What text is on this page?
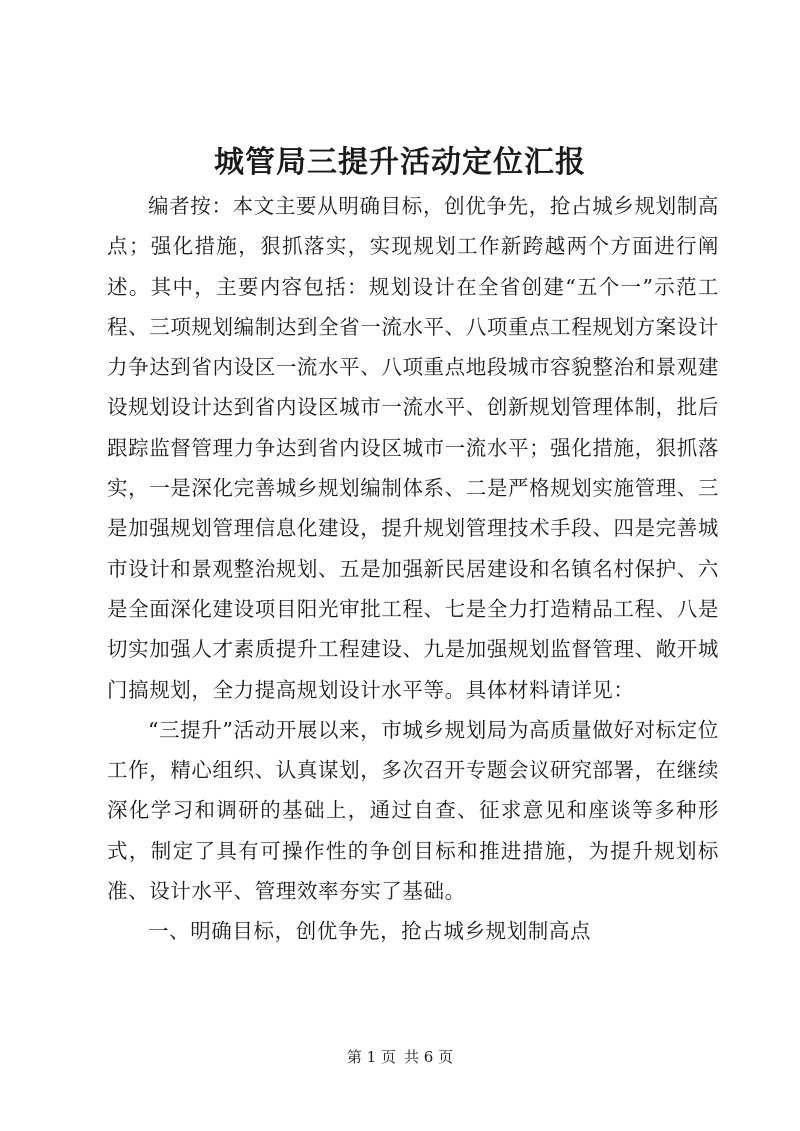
城管局三提升活动定位汇报

编者按：本文主要从明确目标，创优争先，抢占城乡规划制高点；强化措施，狠抓落实，实现规划工作新跨越两个方面进行阐述。其中，主要内容包括：规划设计在全省创建“五个一”示范工程、三项规划编制达到全省一流水平、八项重点工程规划方案设计力争达到省内设区一流水平、八项重点地段城市容貌整治和景观建设规划设计达到省内设区城市一流水平、创新规划管理体制，批后跟踪监督管理力争达到省内设区城市一流水平；强化措施，狠抓落实，一是深化完善城乡规划编制体系、二是严格规划实施管理、三是加强规划管理信息化建设，提升规划管理技术手段、四是完善城市设计和景观整治规划、五是加强新民居建设和名镇名村保护、六是全面深化建设项目阳光审批工程、七是全力打造精品工程、八是切实加强人才素质提升工程建设、九是加强规划监督管理、敞开城门搞规划，全力提高规划设计水平等。具体材料请详见：

“三提升”活动开展以来，市城乡规划局为高质量做好对标定位工作，精心组织、认真谋划，多次召开专题会议研究部署，在继续深化学习和调研的基础上，通过自查、征求意见和座谈等多种形式，制定了具有可操作性的争创目标和推进措施，为提升规划标准、设计水平、管理效率夯实了基础。

一、明确目标，创优争先，抢占城乡规划制高点

第 1 页 共 6 页
